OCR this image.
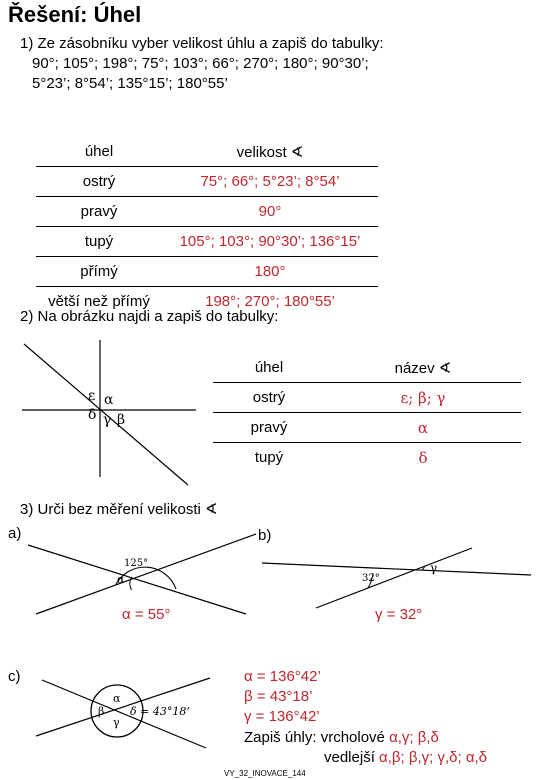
Řešení: Úhel
1) Ze zásobníku vyber velikost úhlu a zapiš do tabulky:
90°; 105°; 198°; 75°; 103°; 66°; 270°; 180°; 90°30’;
5°23’; 8°54’; 135°15’; 180°55’
úhel	velikost ∢
ostrý	75°; 66°; 5°23’; 8°54’
pravý	90°
tupý	105°; 103°; 90°30’; 136°15’
přímý	180°
větší než přímý	198°; 270°; 180°55’
2) Na obrázku najdi a zapiš do tabulky:
ε α
δ γ β
úhel	název ∢
ostrý	ε; β; γ
pravý	α
tupý	δ
3) Urči bez měření velikosti ∢
a)	b)
c)
125°
α
α = 55°
32°
γ
γ = 32°
α
β
γ
δ = 43°18’
α = 136°42’
β = 43°18’
γ = 136°42’
Zapiš úhly: vrcholové α,γ; β,δ
vedlejší α,β; β,γ; γ,δ; α,δ
VY_32_INOVACE_144
